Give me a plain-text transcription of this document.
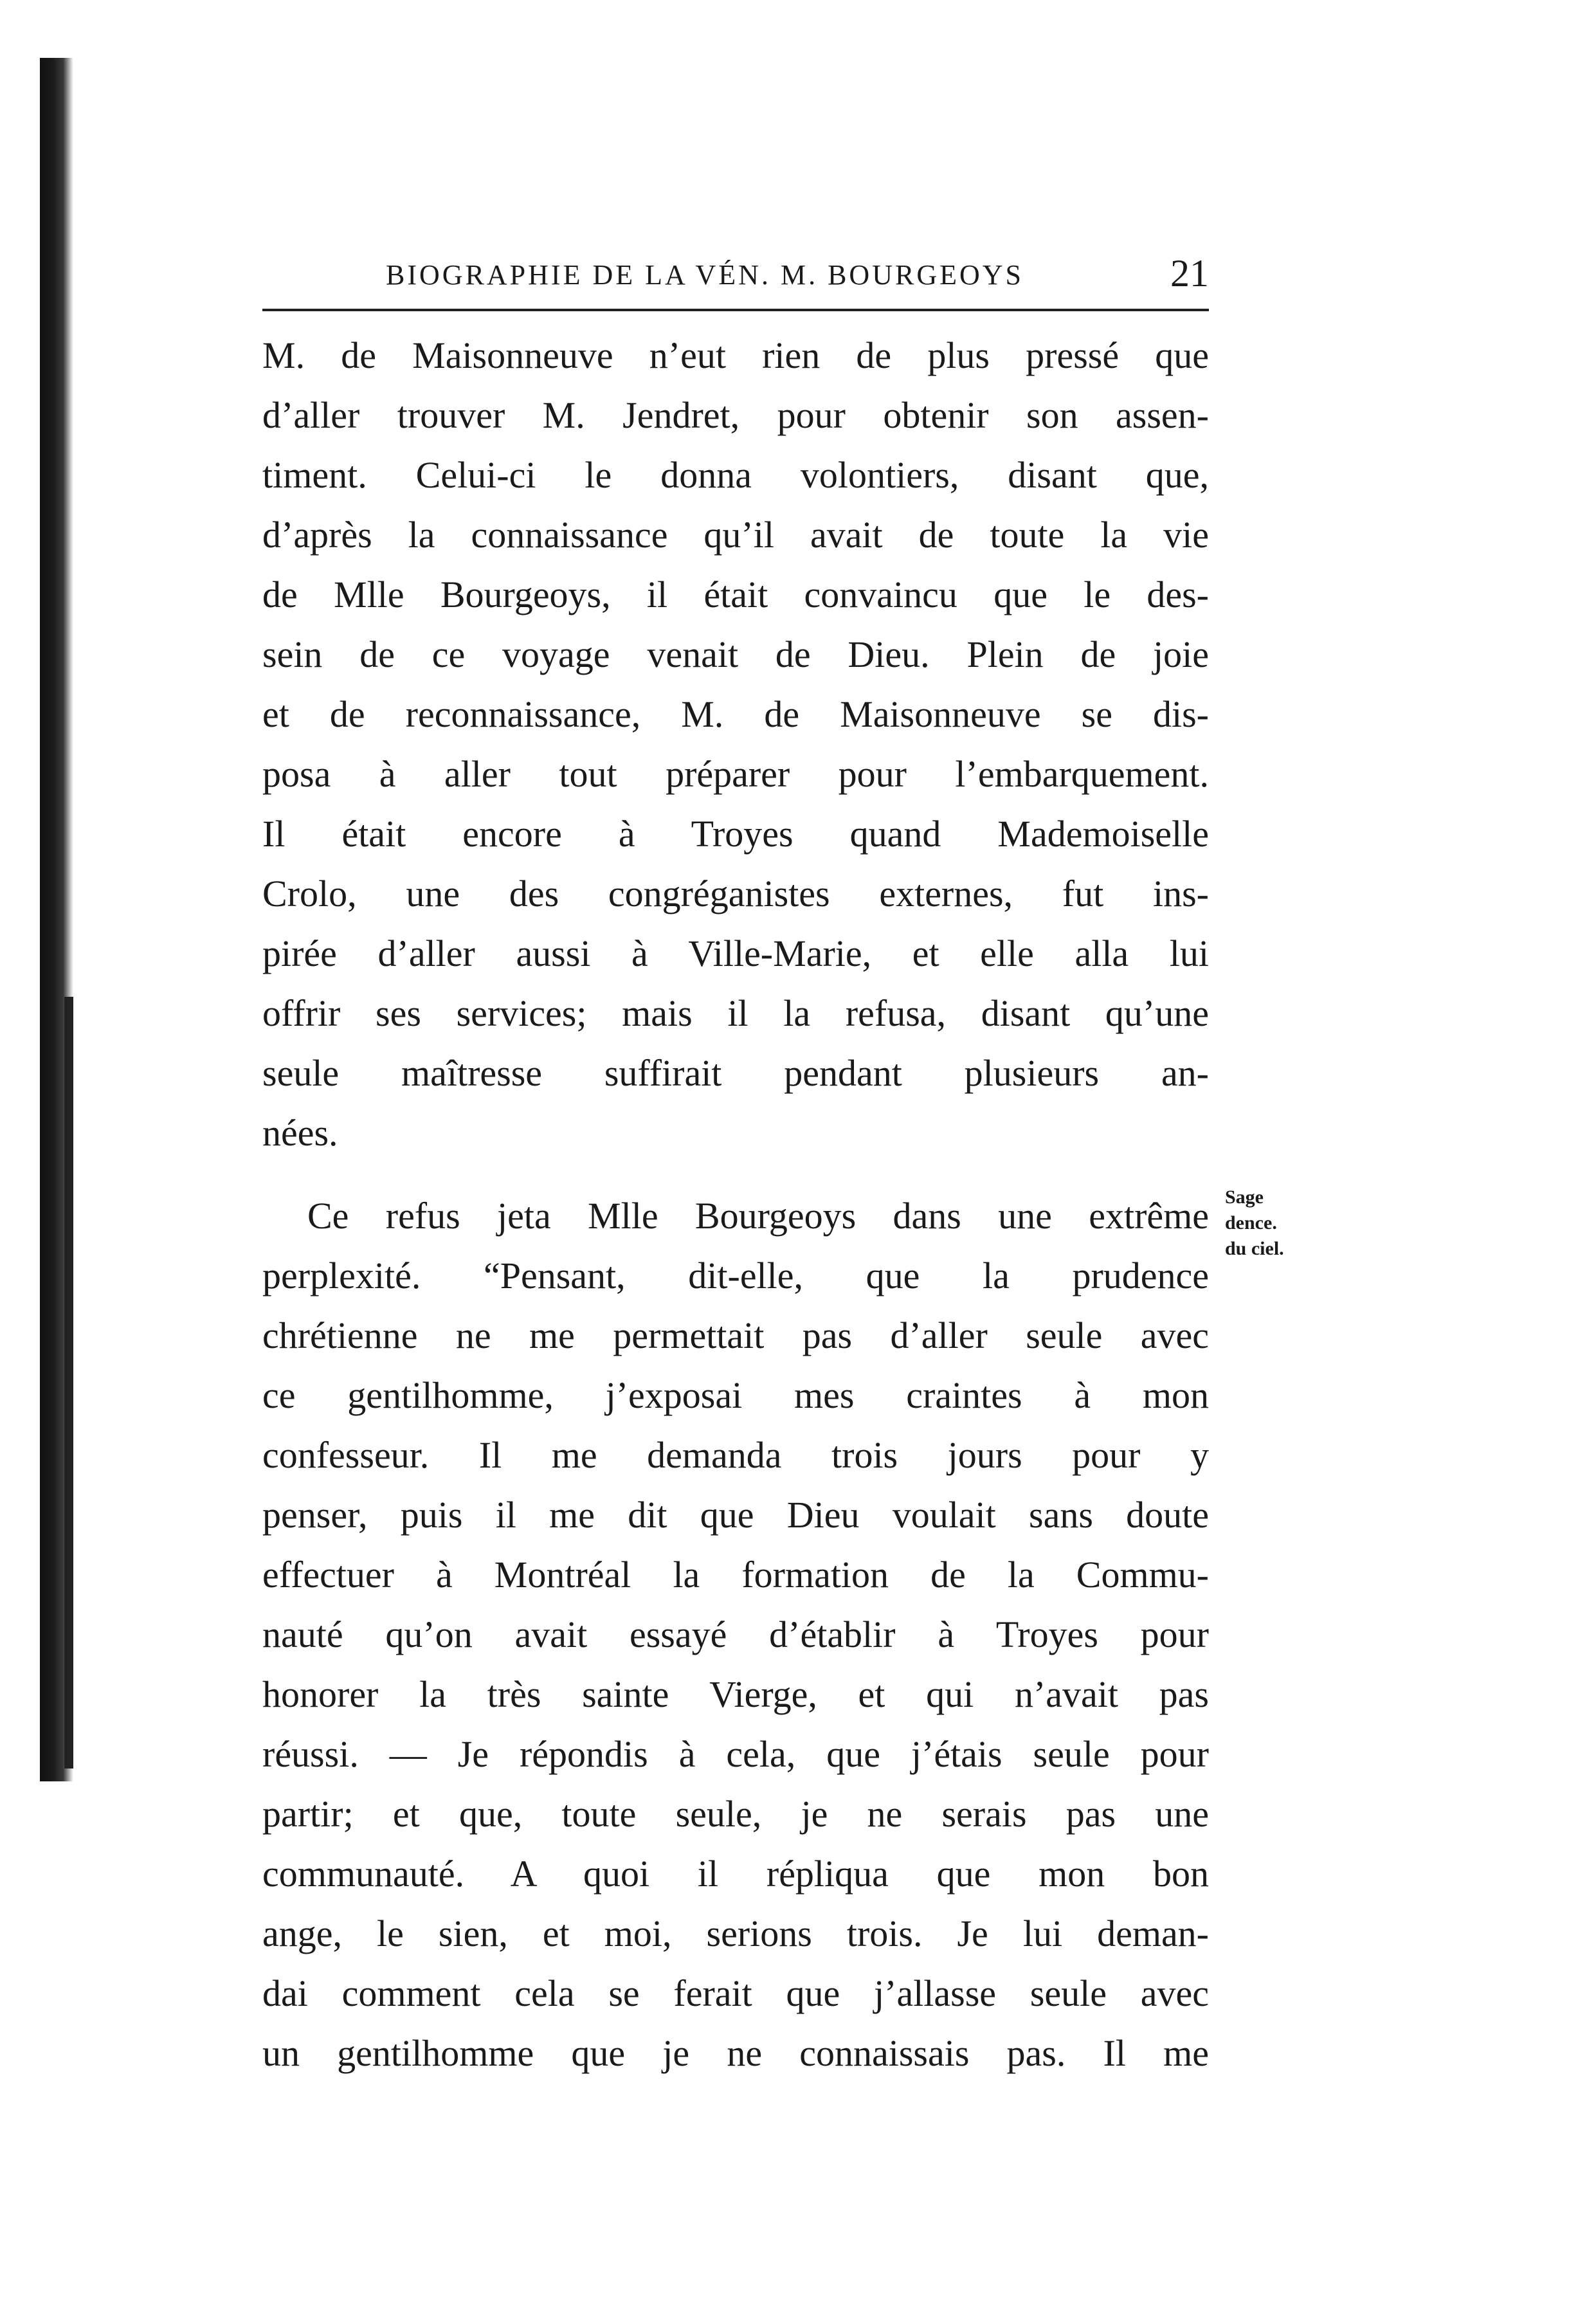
BIOGRAPHIE DE LA VÉN. M. BOURGEOYS	21
M. de Maisonneuve n’eut rien de plus pressé que
d’aller trouver M. Jendret, pour obtenir son assen-
timent. Celui-ci le donna volontiers, disant que,
d’après la connaissance qu’il avait de toute la vie
de Mlle Bourgeoys, il était convaincu que le des-
sein de ce voyage venait de Dieu. Plein de joie
et de reconnaissance, M. de Maisonneuve se dis-
posa à aller tout préparer pour l’embarquement.
Il était encore à Troyes quand Mademoiselle
Crolo, une des congréganistes externes, fut ins-
pirée d’aller aussi à Ville-Marie, et elle alla lui
offrir ses services; mais il la refusa, disant qu’une
seule maîtresse suffirait pendant plusieurs an-
nées.
Ce refus jeta Mlle Bourgeoys dans une extrême
perplexité. “Pensant, dit-elle, que la prudence
chrétienne ne me permettait pas d’aller seule avec
ce gentilhomme, j’exposai mes craintes à mon
confesseur. Il me demanda trois jours pour y
penser, puis il me dit que Dieu voulait sans doute
effectuer à Montréal la formation de la Commu-
nauté qu’on avait essayé d’établir à Troyes pour
honorer la très sainte Vierge, et qui n’avait pas
réussi. — Je répondis à cela, que j’étais seule pour
partir; et que, toute seule, je ne serais pas une
communauté. A quoi il répliqua que mon bon
ange, le sien, et moi, serions trois. Je lui deman-
dai comment cela se ferait que j’allasse seule avec
un gentilhomme que je ne connaissais pas. Il me
Sage
dence.
du ciel.
